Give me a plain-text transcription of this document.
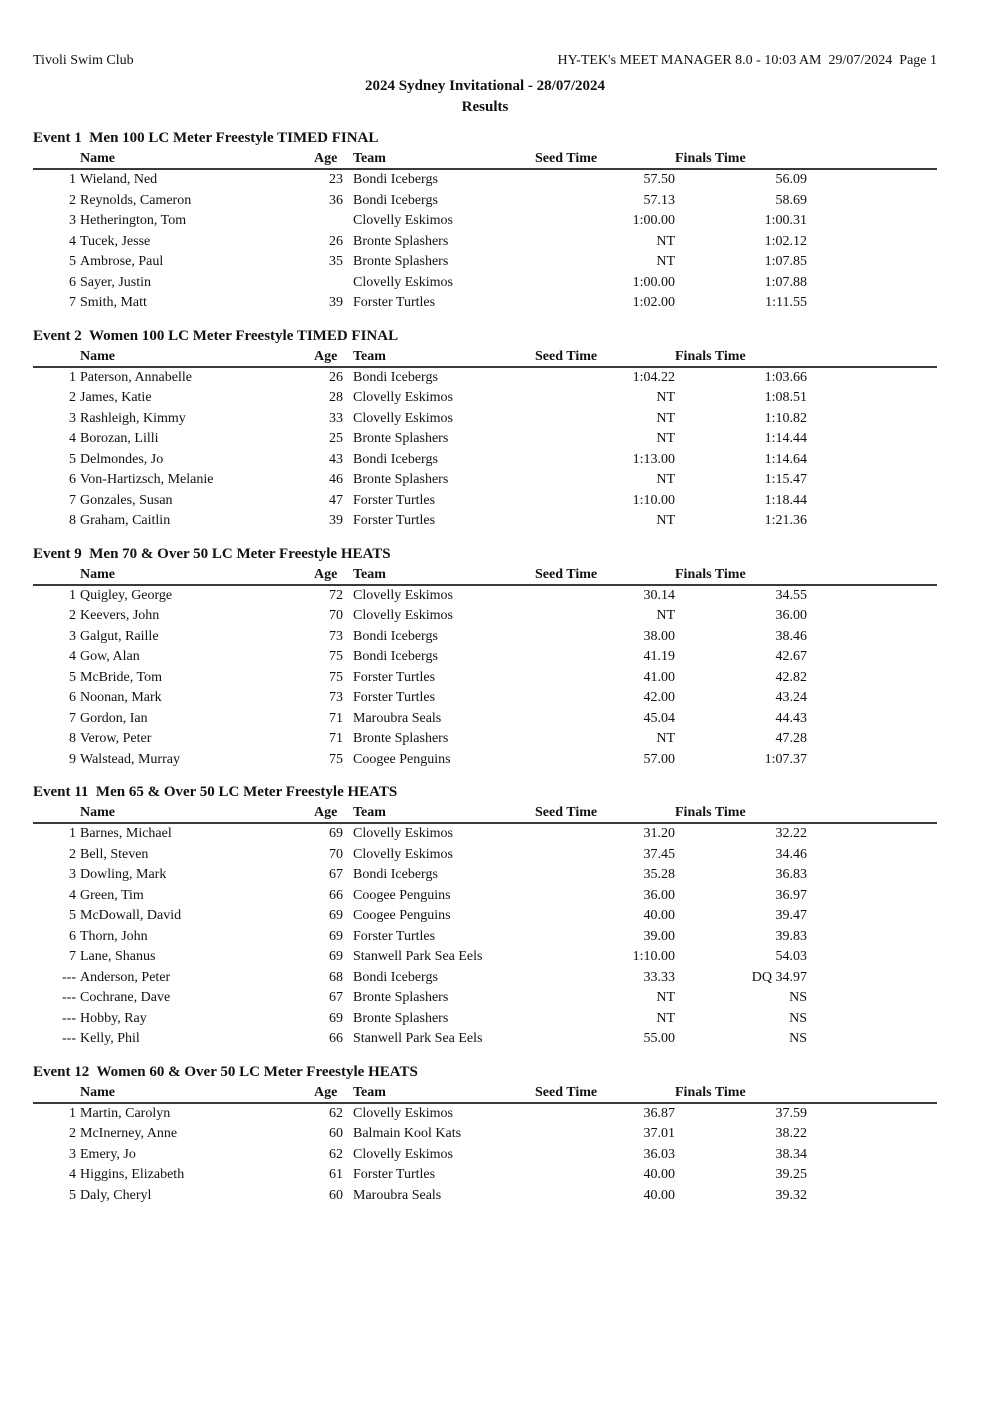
Tivoli Swim Club	HY-TEK's MEET MANAGER 8.0 - 10:03 AM  29/07/2024  Page 1
2024 Sydney Invitational - 28/07/2024
Results
Event 1  Men 100 LC Meter Freestyle TIMED FINAL
	Name	Age	Team	Seed Time	Finals Time	
1	Wieland, Ned	23	Bondi Icebergs	57.50	56.09	
2	Reynolds, Cameron	36	Bondi Icebergs	57.13	58.69	
3	Hetherington, Tom		Clovelly Eskimos	1:00.00	1:00.31	
4	Tucek, Jesse	26	Bronte Splashers	NT	1:02.12	
5	Ambrose, Paul	35	Bronte Splashers	NT	1:07.85	
6	Sayer, Justin		Clovelly Eskimos	1:00.00	1:07.88	
7	Smith, Matt	39	Forster Turtles	1:02.00	1:11.55	
Event 2  Women 100 LC Meter Freestyle TIMED FINAL
	Name	Age	Team	Seed Time	Finals Time	
1	Paterson, Annabelle	26	Bondi Icebergs	1:04.22	1:03.66	
2	James, Katie	28	Clovelly Eskimos	NT	1:08.51	
3	Rashleigh, Kimmy	33	Clovelly Eskimos	NT	1:10.82	
4	Borozan, Lilli	25	Bronte Splashers	NT	1:14.44	
5	Delmondes, Jo	43	Bondi Icebergs	1:13.00	1:14.64	
6	Von-Hartizsch, Melanie	46	Bronte Splashers	NT	1:15.47	
7	Gonzales, Susan	47	Forster Turtles	1:10.00	1:18.44	
8	Graham, Caitlin	39	Forster Turtles	NT	1:21.36	
Event 9  Men 70 & Over 50 LC Meter Freestyle HEATS
	Name	Age	Team	Seed Time	Finals Time	
1	Quigley, George	72	Clovelly Eskimos	30.14	34.55	
2	Keevers, John	70	Clovelly Eskimos	NT	36.00	
3	Galgut, Raille	73	Bondi Icebergs	38.00	38.46	
4	Gow, Alan	75	Bondi Icebergs	41.19	42.67	
5	McBride, Tom	75	Forster Turtles	41.00	42.82	
6	Noonan, Mark	73	Forster Turtles	42.00	43.24	
7	Gordon, Ian	71	Maroubra Seals	45.04	44.43	
8	Verow, Peter	71	Bronte Splashers	NT	47.28	
9	Walstead, Murray	75	Coogee Penguins	57.00	1:07.37	
Event 11  Men 65 & Over 50 LC Meter Freestyle HEATS
	Name	Age	Team	Seed Time	Finals Time	
1	Barnes, Michael	69	Clovelly Eskimos	31.20	32.22	
2	Bell, Steven	70	Clovelly Eskimos	37.45	34.46	
3	Dowling, Mark	67	Bondi Icebergs	35.28	36.83	
4	Green, Tim	66	Coogee Penguins	36.00	36.97	
5	McDowall, David	69	Coogee Penguins	40.00	39.47	
6	Thorn, John	69	Forster Turtles	39.00	39.83	
7	Lane, Shanus	69	Stanwell Park Sea Eels	1:10.00	54.03	
---	Anderson, Peter	68	Bondi Icebergs	33.33	DQ 34.97	
---	Cochrane, Dave	67	Bronte Splashers	NT	NS	
---	Hobby, Ray	69	Bronte Splashers	NT	NS	
---	Kelly, Phil	66	Stanwell Park Sea Eels	55.00	NS	
Event 12  Women 60 & Over 50 LC Meter Freestyle HEATS
	Name	Age	Team	Seed Time	Finals Time	
1	Martin, Carolyn	62	Clovelly Eskimos	36.87	37.59	
2	McInerney, Anne	60	Balmain Kool Kats	37.01	38.22	
3	Emery, Jo	62	Clovelly Eskimos	36.03	38.34	
4	Higgins, Elizabeth	61	Forster Turtles	40.00	39.25	
5	Daly, Cheryl	60	Maroubra Seals	40.00	39.32	
